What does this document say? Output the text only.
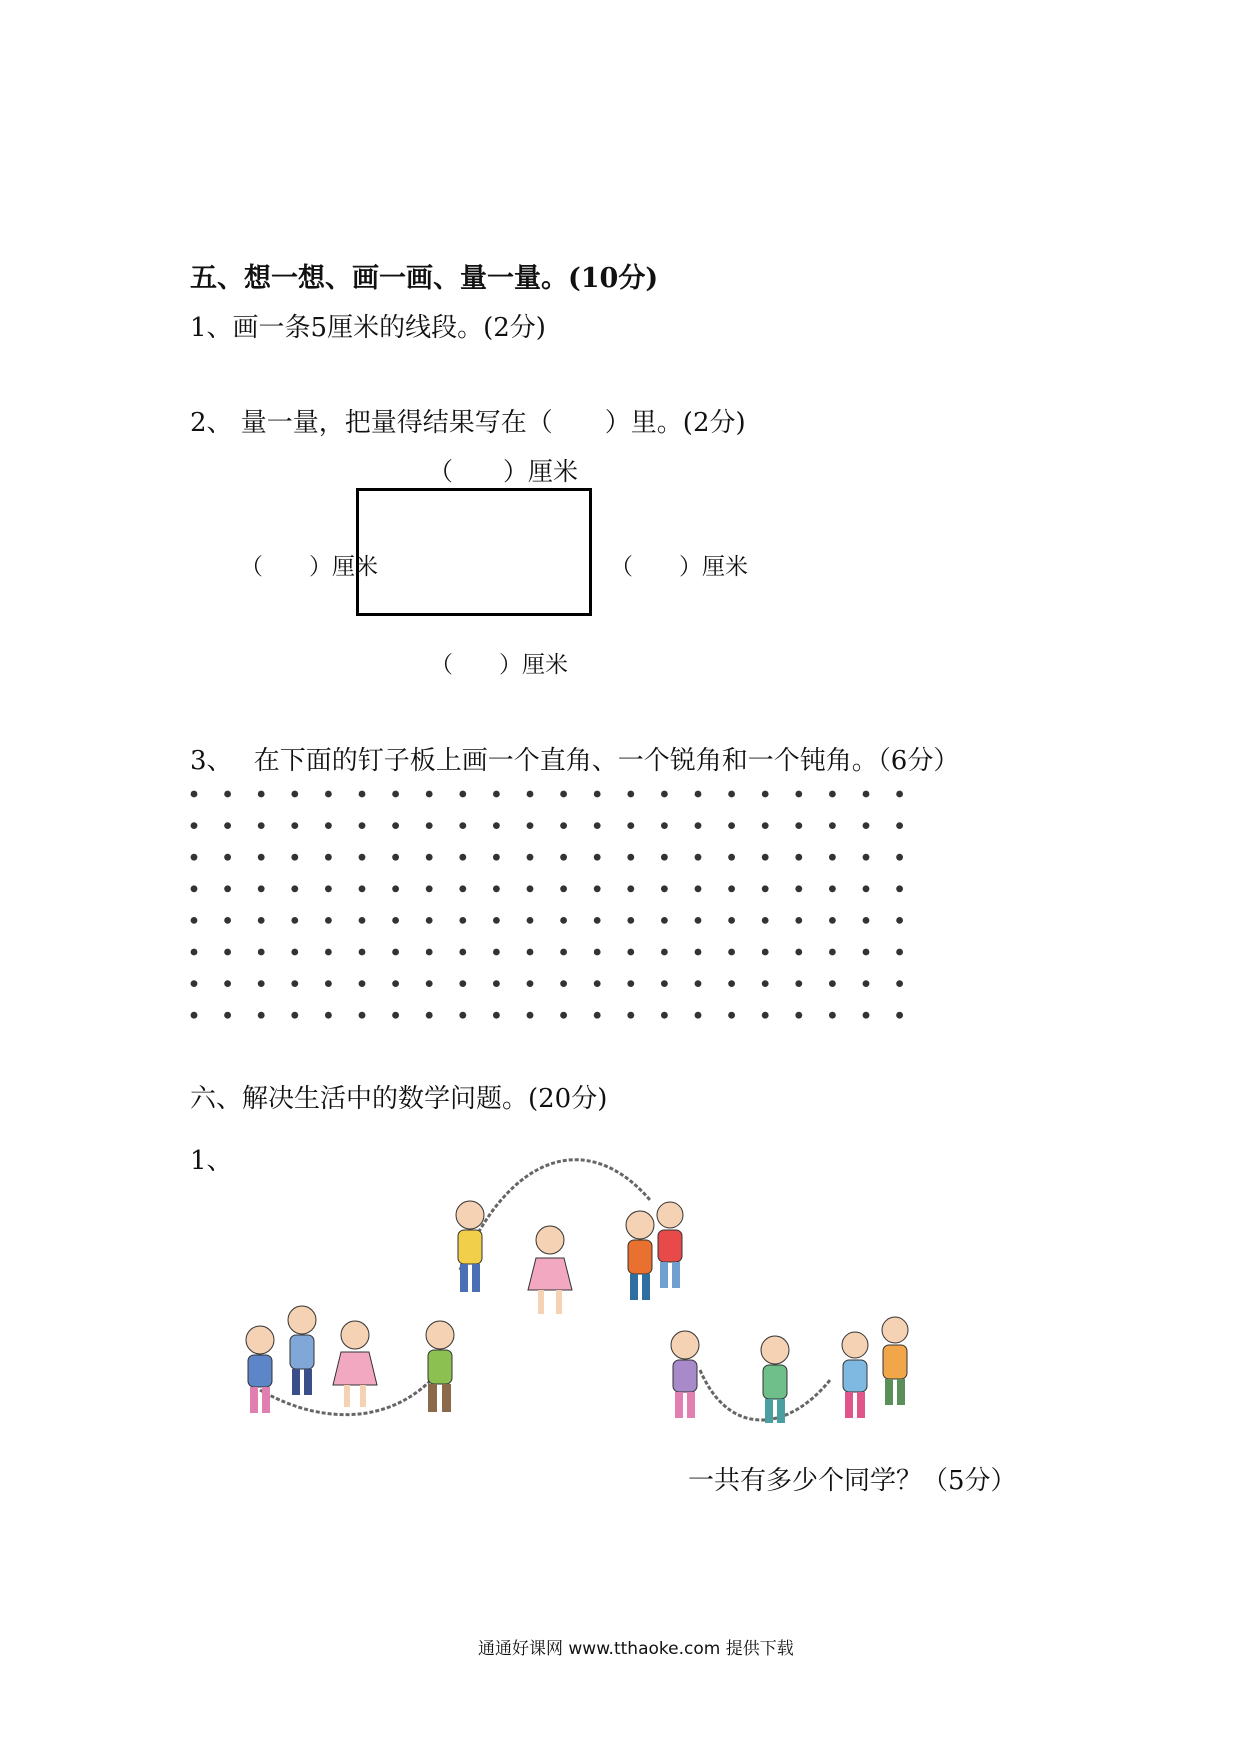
五、想一想、画一画、量一量。(10分)
1、画一条5厘米的线段。(2分)
2、 量一量，把量得结果写在（　　）里。(2分)
（　　）厘米
（　　）厘米	（　　）厘米
（　　）厘米
3、　 在下面的钉子板上画一个直角、一个锐角和一个钝角。（6分）
六、解决生活中的数学问题。(20分)
1、
一共有多少个同学？（5分）
通通好课网 www.tthaoke.com 提供下载
